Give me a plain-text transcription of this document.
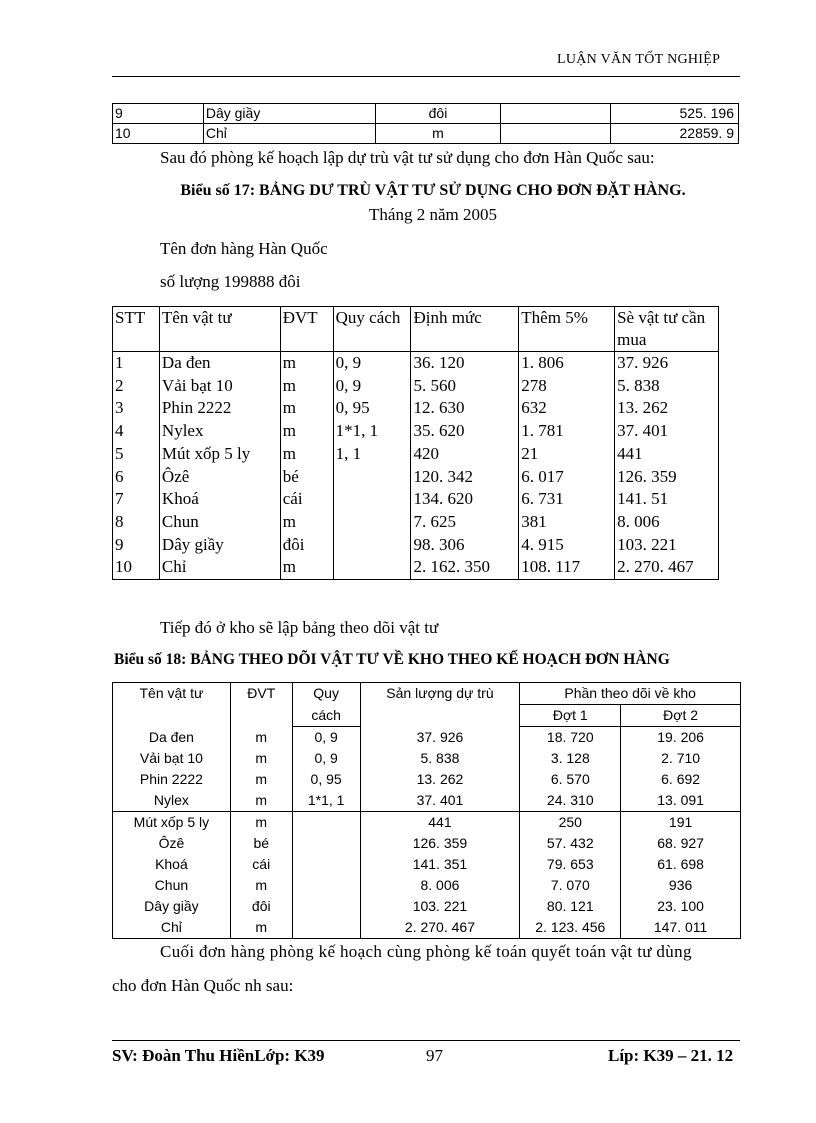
LUẬN VĂN TỐT NGHIỆP
9	Dây giầy	đôi		525. 196
10	Chỉ	m		22859. 9
Sau đó phòng kế hoạch lập dự trù vật tư sử dụng cho đơn Hàn Quốc sau:
Biểu số 17: BẢNG DƯ TRÙ VẬT TƯ SỬ DỤNG CHO ĐƠN ĐẶT HÀNG.
Tháng 2 năm 2005
Tên đơn hàng Hàn Quốc
số lượng 199888 đôi
STT	Tên vật tư	ĐVT	Quy cách	Định mức	Thêm 5%	Sè vật tư cần mua
1	Da đen	m	0, 9	36. 120	1. 806	37. 926
2	Vải bạt 10	m	0, 9	5. 560	278	5. 838
3	Phin 2222	m	0, 95	12. 630	632	13. 262
4	Nylex	m	1*1, 1	35. 620	1. 781	37. 401
5	Mút xốp 5 ly	m	1, 1	420	21	441
6	Ôzê	bé		120. 342	6. 017	126. 359
7	Khoá	cái		134. 620	6. 731	141. 51
8	Chun	m		7. 625	381	8. 006
9	Dây giầy	đôi		98. 306	4. 915	103. 221
10	Chỉ	m		2. 162. 350	108. 117	2. 270. 467
Tiếp đó ở kho sẽ lập bảng theo dõi vật tư
Biểu số 18: BẢNG THEO DÕI VẬT TƯ VỀ KHO THEO KẾ HOẠCH ĐƠN HÀNG
Tên vật tư	ĐVT	Quy	Sản lượng dự trù	Phần theo dõi về kho	
		cách		Đợt 1	Đợt 2
Da đen	m	0, 9	37. 926	18. 720	19. 206
Vải bạt 10	m	0, 9	5. 838	3. 128	2. 710
Phin 2222	m	0, 95	13. 262	6. 570	6. 692
Nylex	m	1*1, 1	37. 401	24. 310	13. 091
Mút xốp 5 ly	m		441	250	191
Ôzê	bé		126. 359	57. 432	68. 927
Khoá	cái		141. 351	79. 653	61. 698
Chun	m		8. 006	7. 070	936
Dây giầy	đôi		103. 221	80. 121	23. 100
Chỉ	m		2. 270. 467	2. 123. 456	147. 011
Cuối đơn hàng phòng kế hoạch cùng phòng kế toán quyết toán vật tư dùng
cho đơn Hàn Quốc nh sau:
SV: Đoàn Thu HiềnLớp: K39	97	Líp: K39 – 21. 12
